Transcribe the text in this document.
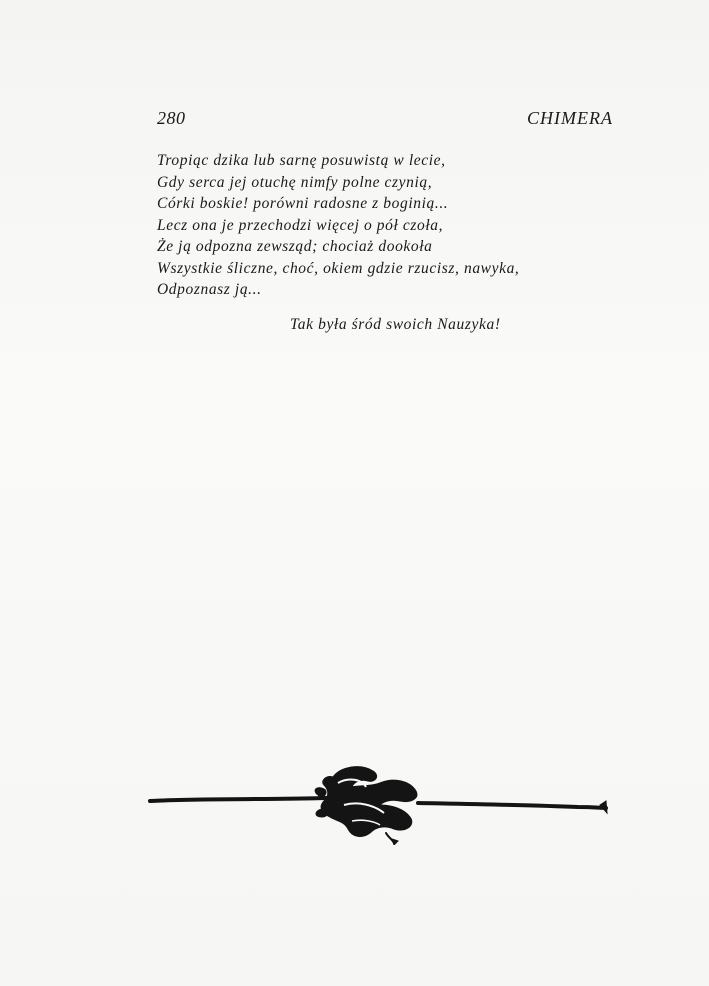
280	CHIMERA
Tropiąc dzika lub sarnę posuwistą w lecie,
Gdy serca jej otuchę nimfy polne czynią,
Córki boskie! porówni radosne z boginią...
Lecz ona je przechodzi więcej o pół czoła,
Że ją odpozna zewsząd; chociaż dookoła
Wszystkie śliczne, choć, okiem gdzie rzucisz, nawyka,
Odpoznasz ją...
Tak była śród swoich Nauzyka!
